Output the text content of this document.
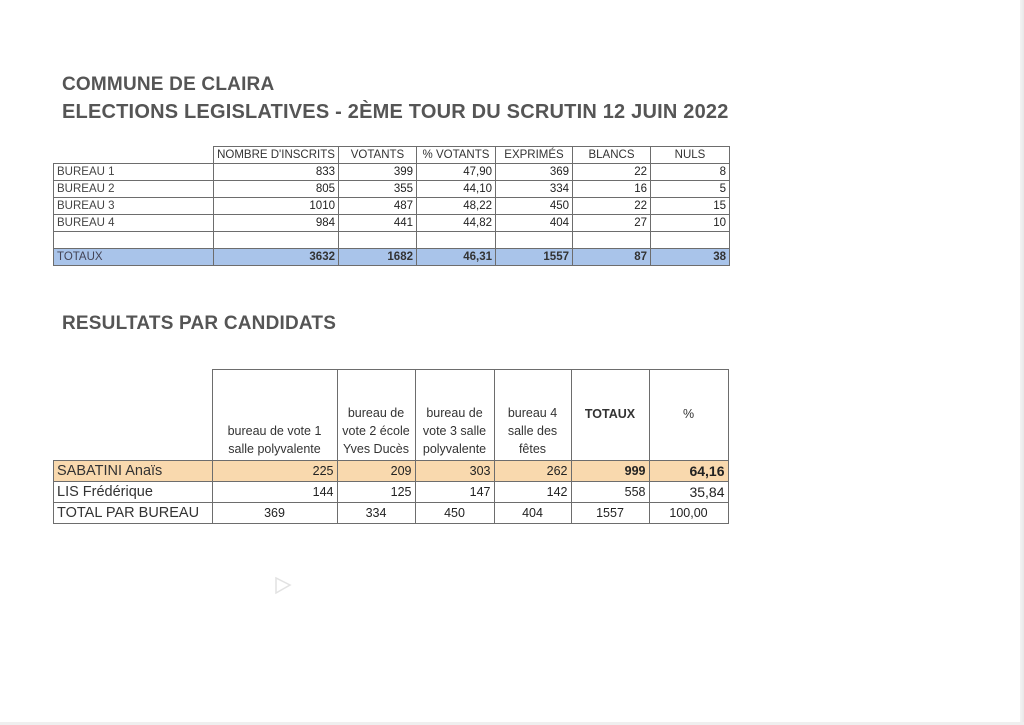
COMMUNE DE CLAIRA
ELECTIONS LEGISLATIVES - 2ÈME TOUR DU SCRUTIN 12 JUIN 2022
	NOMBRE D'INSCRITS	VOTANTS	% VOTANTS	EXPRIMÉS	BLANCS	NULS
BUREAU 1	833	399	47,90	369	22	8
BUREAU 2	805	355	44,10	334	16	5
BUREAU 3	1010	487	48,22	450	22	15
BUREAU 4	984	441	44,82	404	27	10

TOTAUX	3632	1682	46,31	1557	87	38
RESULTATS PAR CANDIDATS
	bureau de vote 1 salle polyvalente	bureau de vote 2 école Yves Ducès	bureau de vote 3 salle polyvalente	bureau 4 salle des fêtes	TOTAUX	%
SABATINI Anaïs	225	209	303	262	999	64,16
LIS Frédérique	144	125	147	142	558	35,84
TOTAL PAR BUREAU	369	334	450	404	1557	100,00
